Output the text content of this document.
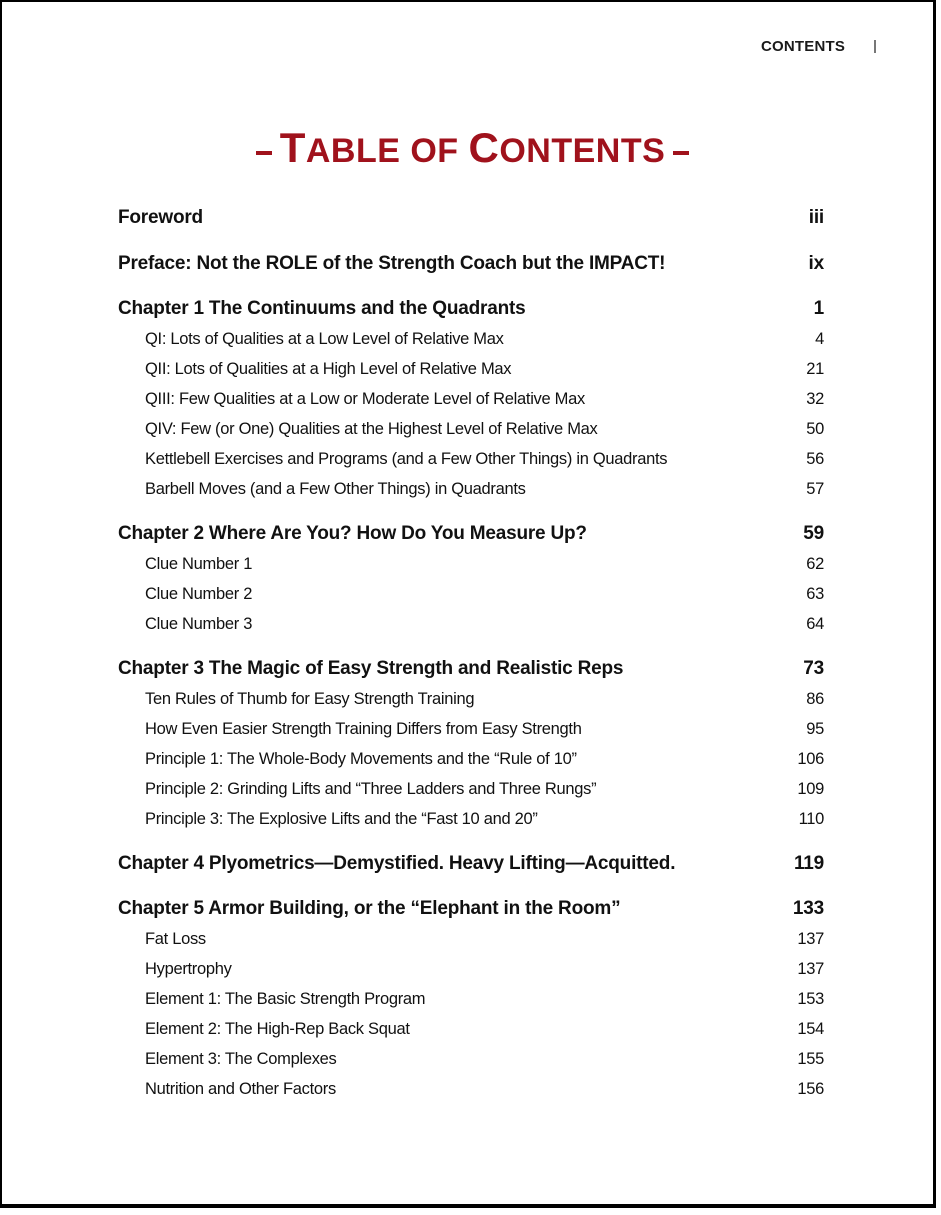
CONTENTS
TABLE OF CONTENTS
Foreword	iii
Preface: Not the ROLE of the Strength Coach but the IMPACT!	ix
Chapter 1 The Continuums and the Quadrants	1
QI: Lots of Qualities at a Low Level of Relative Max	4
QII: Lots of Qualities at a High Level of Relative Max	21
QIII: Few Qualities at a Low or Moderate Level of Relative Max	32
QIV: Few (or One) Qualities at the Highest Level of Relative Max	50
Kettlebell Exercises and Programs (and a Few Other Things) in Quadrants	56
Barbell Moves (and a Few Other Things) in Quadrants	57
Chapter 2 Where Are You? How Do You Measure Up?	59
Clue Number 1	62
Clue Number 2	63
Clue Number 3	64
Chapter 3 The Magic of Easy Strength and Realistic Reps	73
Ten Rules of Thumb for Easy Strength Training	86
How Even Easier Strength Training Differs from Easy Strength	95
Principle 1: The Whole-Body Movements and the “Rule of 10”	106
Principle 2: Grinding Lifts and “Three Ladders and Three Rungs”	109
Principle 3: The Explosive Lifts and the “Fast 10 and 20”	110
Chapter 4 Plyometrics—Demystified. Heavy Lifting—Acquitted.	119
Chapter 5 Armor Building, or the “Elephant in the Room”	133
Fat Loss	137
Hypertrophy	137
Element 1: The Basic Strength Program	153
Element 2: The High-Rep Back Squat	154
Element 3: The Complexes	155
Nutrition and Other Factors	156
